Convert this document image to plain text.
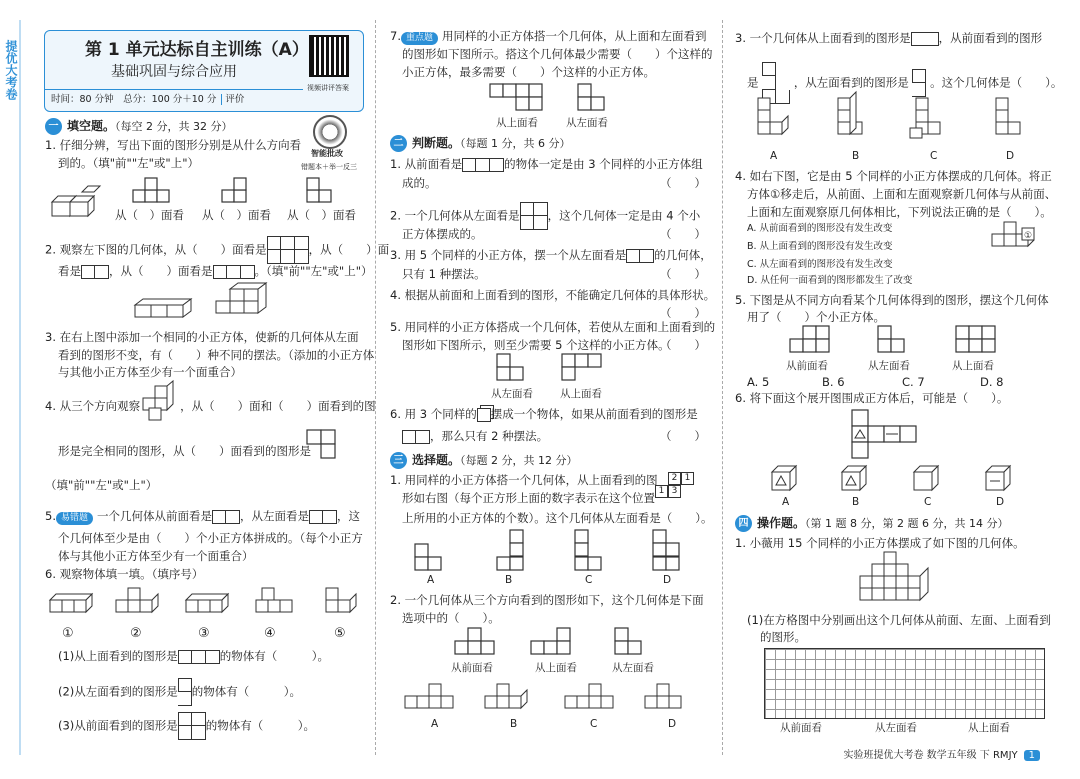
提优大考卷	第 1 单元达标自主训练（A）
基础巩固与综合应用
时间：80 分钟　总分：100 分＋10 分 评价
视频讲评答案
智能批改
错题本＋举一反三
一 填空题。（每空 2 分，共 32 分）
1. 仔细分辨，写出下面的图形分别是从什么方向看
到的。（填"前""左"或"上"）
从（　）面看 从（　）面看 从（　）面看
2. 观察左下图的几何体，从（　　）面看是	，从（　　）面
看是 ，从（　　）面看是	。（填"前""左"或"上"）
3. 在右上图中添加一个相同的小正方体，使新的几何体从左面
看到的图形不变，有（　　）种不同的摆法。（添加的小正方体
与其他小正方体至少有一个面重合）
4. 从三个方向观察	，从（　　）面和（　　）面看到的图
形是完全相同的图形，从（　　）面看到的图形是
（填"前""左"或"上"）
5. 易错题 一个几何体从前面看是 ，从左面看是 ，这
个几何体至少是由（　　）个小正方体拼成的。（每个小正方
体与其他小正方体至少有一个面重合）
6. 观察物体填一填。（填序号）
①	②	③	④	⑤
(1)从上面看到的图形是	的物体有（　　　）。
(2)从左面看到的图形是 的物体有（　　　）。
(3)从前面看到的图形是 的物体有（　　　）。
7. 重点题 用同样的小正方体搭一个几何体，从上面和左面看到
的图形如下图所示。搭这个几何体最少需要（　　）个这样的
小正方体，最多需要（　　）个这样的小正方体。
从上面看	从左面看
二 判断题。（每题 1 分，共 6 分）
1. 从前面看是	的物体一定是由 3 个同样的小正方体组
成的。	（　　）
2. 一个几何体从左面看是 ，这个几何体一定是由 4 个小
正方体摆成的。	（　　）
3. 用 5 个同样的小正方体，摆一个从左面看是 的几何体，
只有 1 种摆法。	（　　）
4. 根据从前面和上面看到的图形，不能确定几何体的具体形状。
（　　）
5. 用同样的小正方体搭成一个几何体，若使从左面和上面看到的
图形如下图所示，则至少需要 5 个这样的小正方体。
（　　）
从左面看	从上面看
6. 用 3 个同样的 摆成一个物体，如果从前面看到的图形是
，那么只有 2 种摆法。	（　　）
三 选择题。（每题 2 分，共 12 分）
1. 用同样的小正方体搭一个几何体，从上面看到的图
形如右图（每个正方形上面的数字表示在这个位置
上所用的小正方体的个数）。这个几何体从左面看是（　　）。
2 1
1 3
A	B	C	D
2. 一个几何体从三个方向看到的图形如下，这个几何体是下面
选项中的（　　）。
从前面看	从上面看	从左面看
A	B	C	D
3. 一个几何体从上面看到的图形是 ，从前面看到的图形
是	，从左面看到的图形是 。这个几何体是（　　）。
A	B	C	D
4. 如右下图，它是由 5 个同样的小正方体摆成的几何体。将正
方体①移走后，从前面、上面和左面观察新几何体与从前面、
上面和左面观察原几何体相比，下列说法正确的是（　　）。
A. 从前面看到的图形没有发生改变
B. 从上面看到的图形没有发生改变
C. 从左面看到的图形没有发生改变
D. 从任何一面看到的图形都发生了改变
①
5. 下图是从不同方向看某个几何体得到的图形，摆这个几何体
用了（　　）个小正方体。
从前面看	从左面看	从上面看
A. 5	B. 6	C. 7	D. 8
6. 将下面这个展开图围成正方体后，可能是（　　）。
A	B	C	D
四 操作题。（第 1 题 8 分，第 2 题 6 分，共 14 分）
1. 小薇用 15 个同样的小正方体摆成了如下图的几何体。
(1)在方格图中分别画出这个几何体从前面、左面、上面看到
的图形。
从前面看	从左面看	从上面看
实验班提优大考卷 数学五年级 下 RMJY 1
